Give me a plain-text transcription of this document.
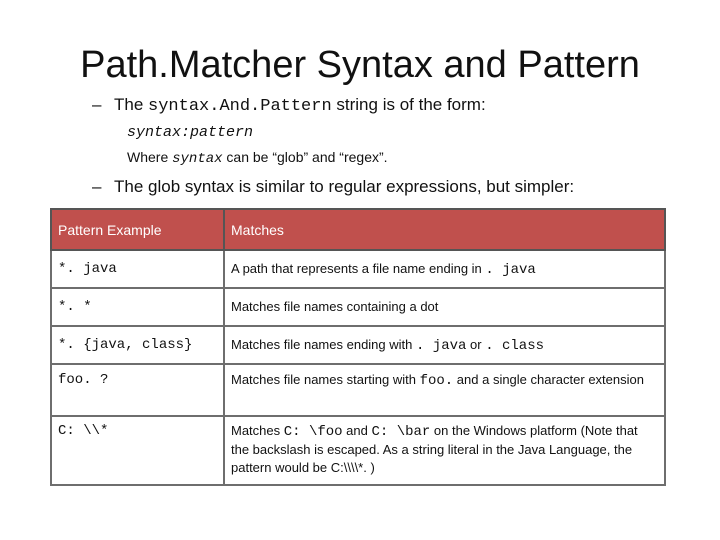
Path.Matcher Syntax and Pattern
– The syntax.And.Pattern string is of the form:
syntax:pattern
Where syntax can be “glob” and “regex”.
– The glob syntax is similar to regular expressions, but simpler:
Pattern Example	Matches
*. java	A path that represents a file name ending in . java
*. *	Matches file names containing a dot
*. {java, class}	Matches file names ending with . java or . class
foo. ?	Matches file names starting with foo. and a single character extension
C: \\*	Matches C: \foo and C: \bar on the Windows platform (Note that the backslash is escaped. As a string literal in the Java Language, the pattern would be C:\\\\*. )
